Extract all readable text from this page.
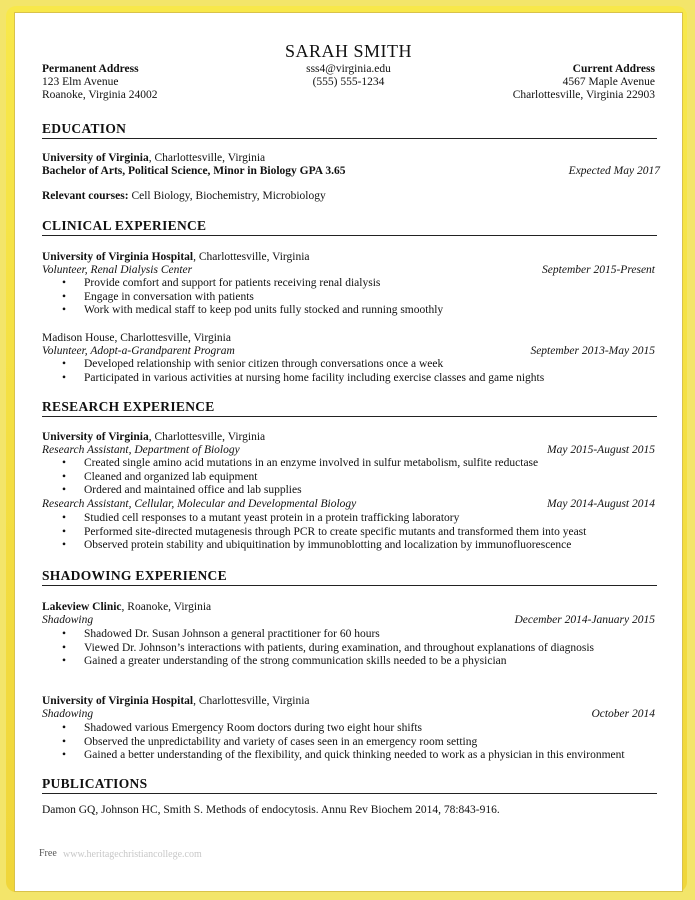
SARAH SMITH
sss4@virginia.edu
(555) 555-1234
Permanent Address
123 Elm Avenue
Roanoke, Virginia 24002
Current Address
4567 Maple Avenue
Charlottesville, Virginia 22903
EDUCATION
University of Virginia, Charlottesville, Virginia
Bachelor of Arts, Political Science, Minor in Biology GPA 3.65	Expected May 2017
Relevant courses: Cell Biology, Biochemistry, Microbiology
CLINICAL EXPERIENCE
University of Virginia Hospital, Charlottesville, Virginia
Volunteer, Renal Dialysis Center	September 2015-Present
• Provide comfort and support for patients receiving renal dialysis
• Engage in conversation with patients
• Work with medical staff to keep pod units fully stocked and running smoothly
Madison House, Charlottesville, Virginia
Volunteer, Adopt-a-Grandparent Program	September 2013-May 2015
• Developed relationship with senior citizen through conversations once a week
• Participated in various activities at nursing home facility including exercise classes and game nights
RESEARCH EXPERIENCE
University of Virginia, Charlottesville, Virginia
Research Assistant, Department of Biology	May 2015-August 2015
• Created single amino acid mutations in an enzyme involved in sulfur metabolism, sulfite reductase
• Cleaned and organized lab equipment
• Ordered and maintained office and lab supplies
Research Assistant, Cellular, Molecular and Developmental Biology	May 2014-August 2014
• Studied cell responses to a mutant yeast protein in a protein trafficking laboratory
• Performed site-directed mutagenesis through PCR to create specific mutants and transformed them into yeast
• Observed protein stability and ubiquitination by immunoblotting and localization by immunofluorescence
SHADOWING EXPERIENCE
Lakeview Clinic, Roanoke, Virginia
Shadowing	December 2014-January 2015
• Shadowed Dr. Susan Johnson a general practitioner for 60 hours
• Viewed Dr. Johnson’s interactions with patients, during examination, and throughout explanations of diagnosis
• Gained a greater understanding of the strong communication skills needed to be a physician
University of Virginia Hospital, Charlottesville, Virginia
Shadowing	October 2014
• Shadowed various Emergency Room doctors during two eight hour shifts
• Observed the unpredictability and variety of cases seen in an emergency room setting
• Gained a better understanding of the flexibility, and quick thinking needed to work as a physician in this environment
PUBLICATIONS
Damon GQ, Johnson HC, Smith S. Methods of endocytosis. Annu Rev Biochem 2014, 78:843-916.
Free www.heritagechristiancollege.com
